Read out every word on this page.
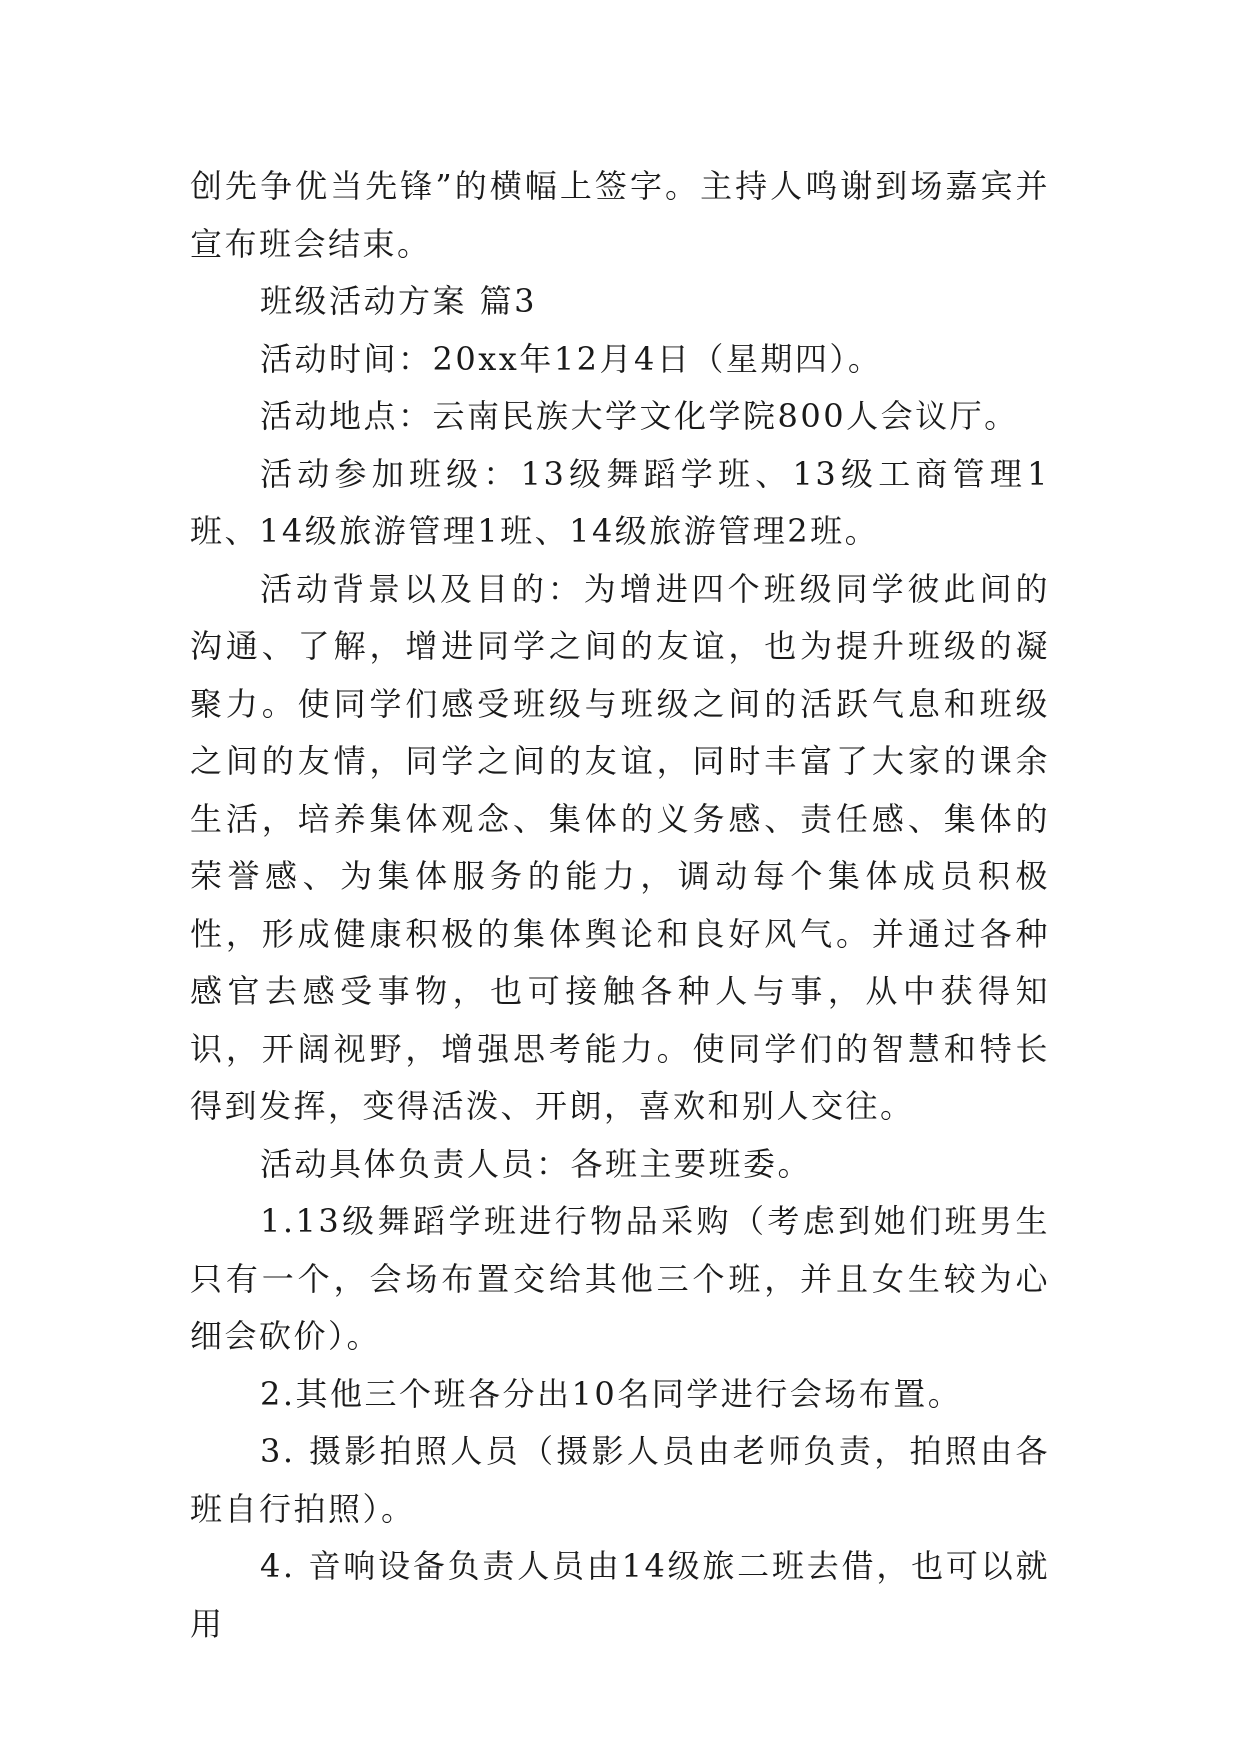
创先争优当先锋”的横幅上签字。主持人鸣谢到场嘉宾并宣布班会结束。

班级活动方案 篇3

活动时间：20xx年12月4日（星期四）。

活动地点：云南民族大学文化学院800人会议厅。

活动参加班级：13级舞蹈学班、13级工商管理1班、14级旅游管理1班、14级旅游管理2班。

活动背景以及目的：为增进四个班级同学彼此间的沟通、了解，增进同学之间的友谊，也为提升班级的凝聚力。使同学们感受班级与班级之间的活跃气息和班级之间的友情，同学之间的友谊，同时丰富了大家的课余生活，培养集体观念、集体的义务感、责任感、集体的荣誉感、为集体服务的能力，调动每个集体成员积极性，形成健康积极的集体舆论和良好风气。并通过各种感官去感受事物，也可接触各种人与事，从中获得知识，开阔视野，增强思考能力。使同学们的智慧和特长得到发挥，变得活泼、开朗，喜欢和别人交往。

活动具体负责人员：各班主要班委。

1.13级舞蹈学班进行物品采购（考虑到她们班男生只有一个，会场布置交给其他三个班，并且女生较为心细会砍价）。

2.其他三个班各分出10名同学进行会场布置。

3. 摄影拍照人员（摄影人员由老师负责，拍照由各班自行拍照）。

4. 音响设备负责人员由14级旅二班去借，也可以就用
